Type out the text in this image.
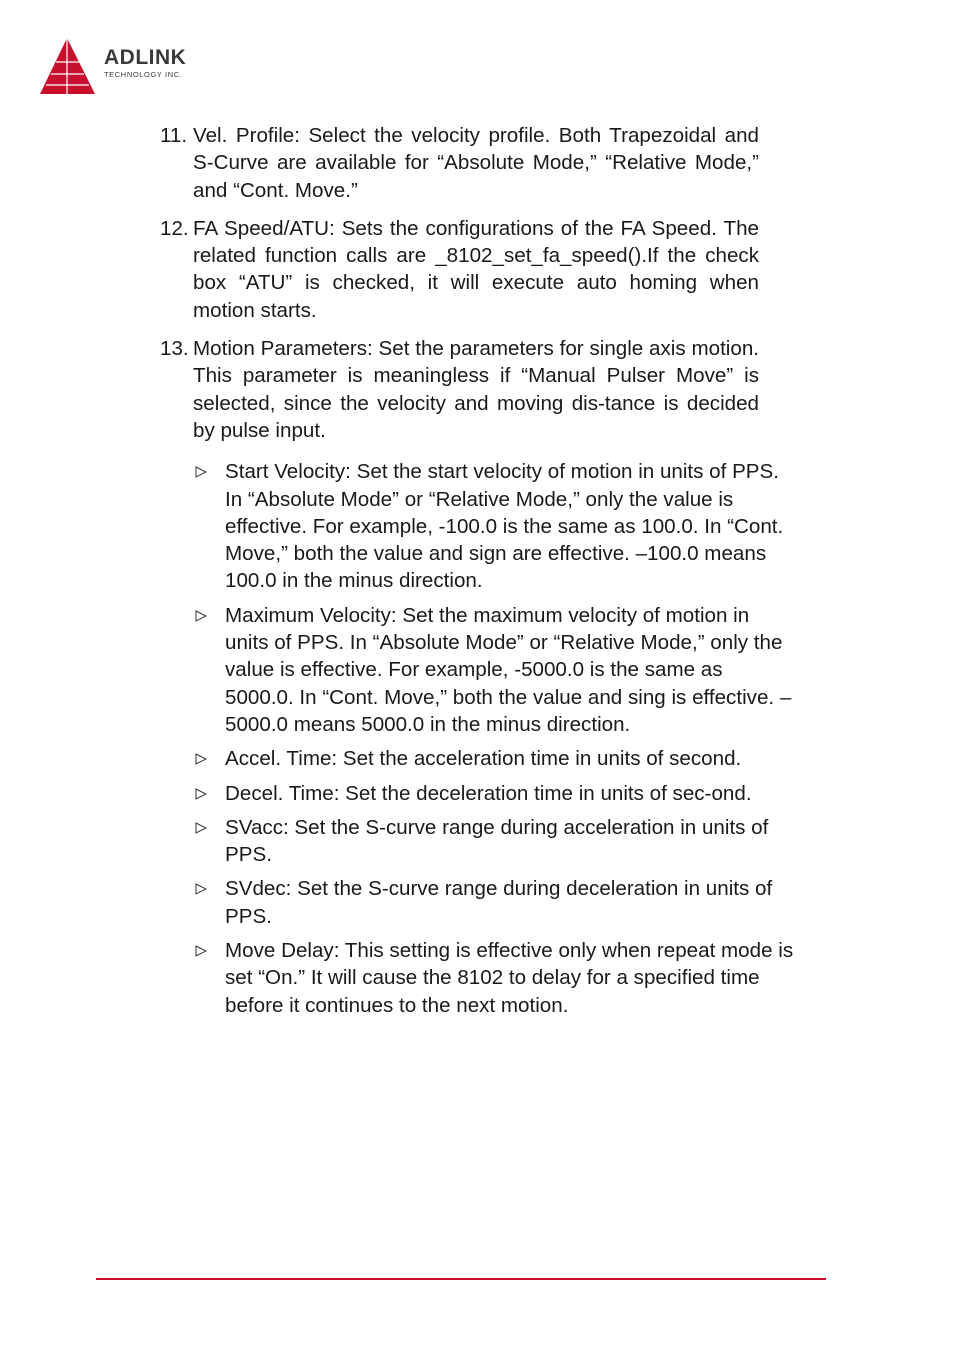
ADLINK
TECHNOLOGY INC.
11. Vel. Profile: Select the velocity profile. Both Trapezoidal and S-Curve are available for “Absolute Mode,” “Relative Mode,” and “Cont. Move.”
12. FA Speed/ATU: Sets the configurations of the FA Speed. The related function calls are _8102_set_fa_speed().If the check box “ATU” is checked, it will execute auto homing when motion starts.
13. Motion Parameters: Set the parameters for single axis motion. This parameter is meaningless if “Manual Pulser Move” is selected, since the velocity and moving dis-tance is decided by pulse input.
Start Velocity: Set the start velocity of motion in units of PPS. In “Absolute Mode” or “Relative Mode,” only the value is effective. For example, -100.0 is the same as 100.0. In “Cont. Move,” both the value and sign are effective. –100.0 means 100.0 in the minus direction.
Maximum Velocity: Set the maximum velocity of motion in units of PPS. In “Absolute Mode” or “Relative Mode,” only the value is effective. For example, -5000.0 is the same as 5000.0. In “Cont. Move,” both the value and sing is effective. –5000.0 means 5000.0 in the minus direction.
Accel. Time: Set the acceleration time in units of second.
Decel. Time: Set the deceleration time in units of sec-ond.
SVacc: Set the S-curve range during acceleration in units of PPS.
SVdec: Set the S-curve range during deceleration in units of PPS.
Move Delay: This setting is effective only when repeat mode is set “On.” It will cause the 8102 to delay for a specified time before it continues to the next motion.
